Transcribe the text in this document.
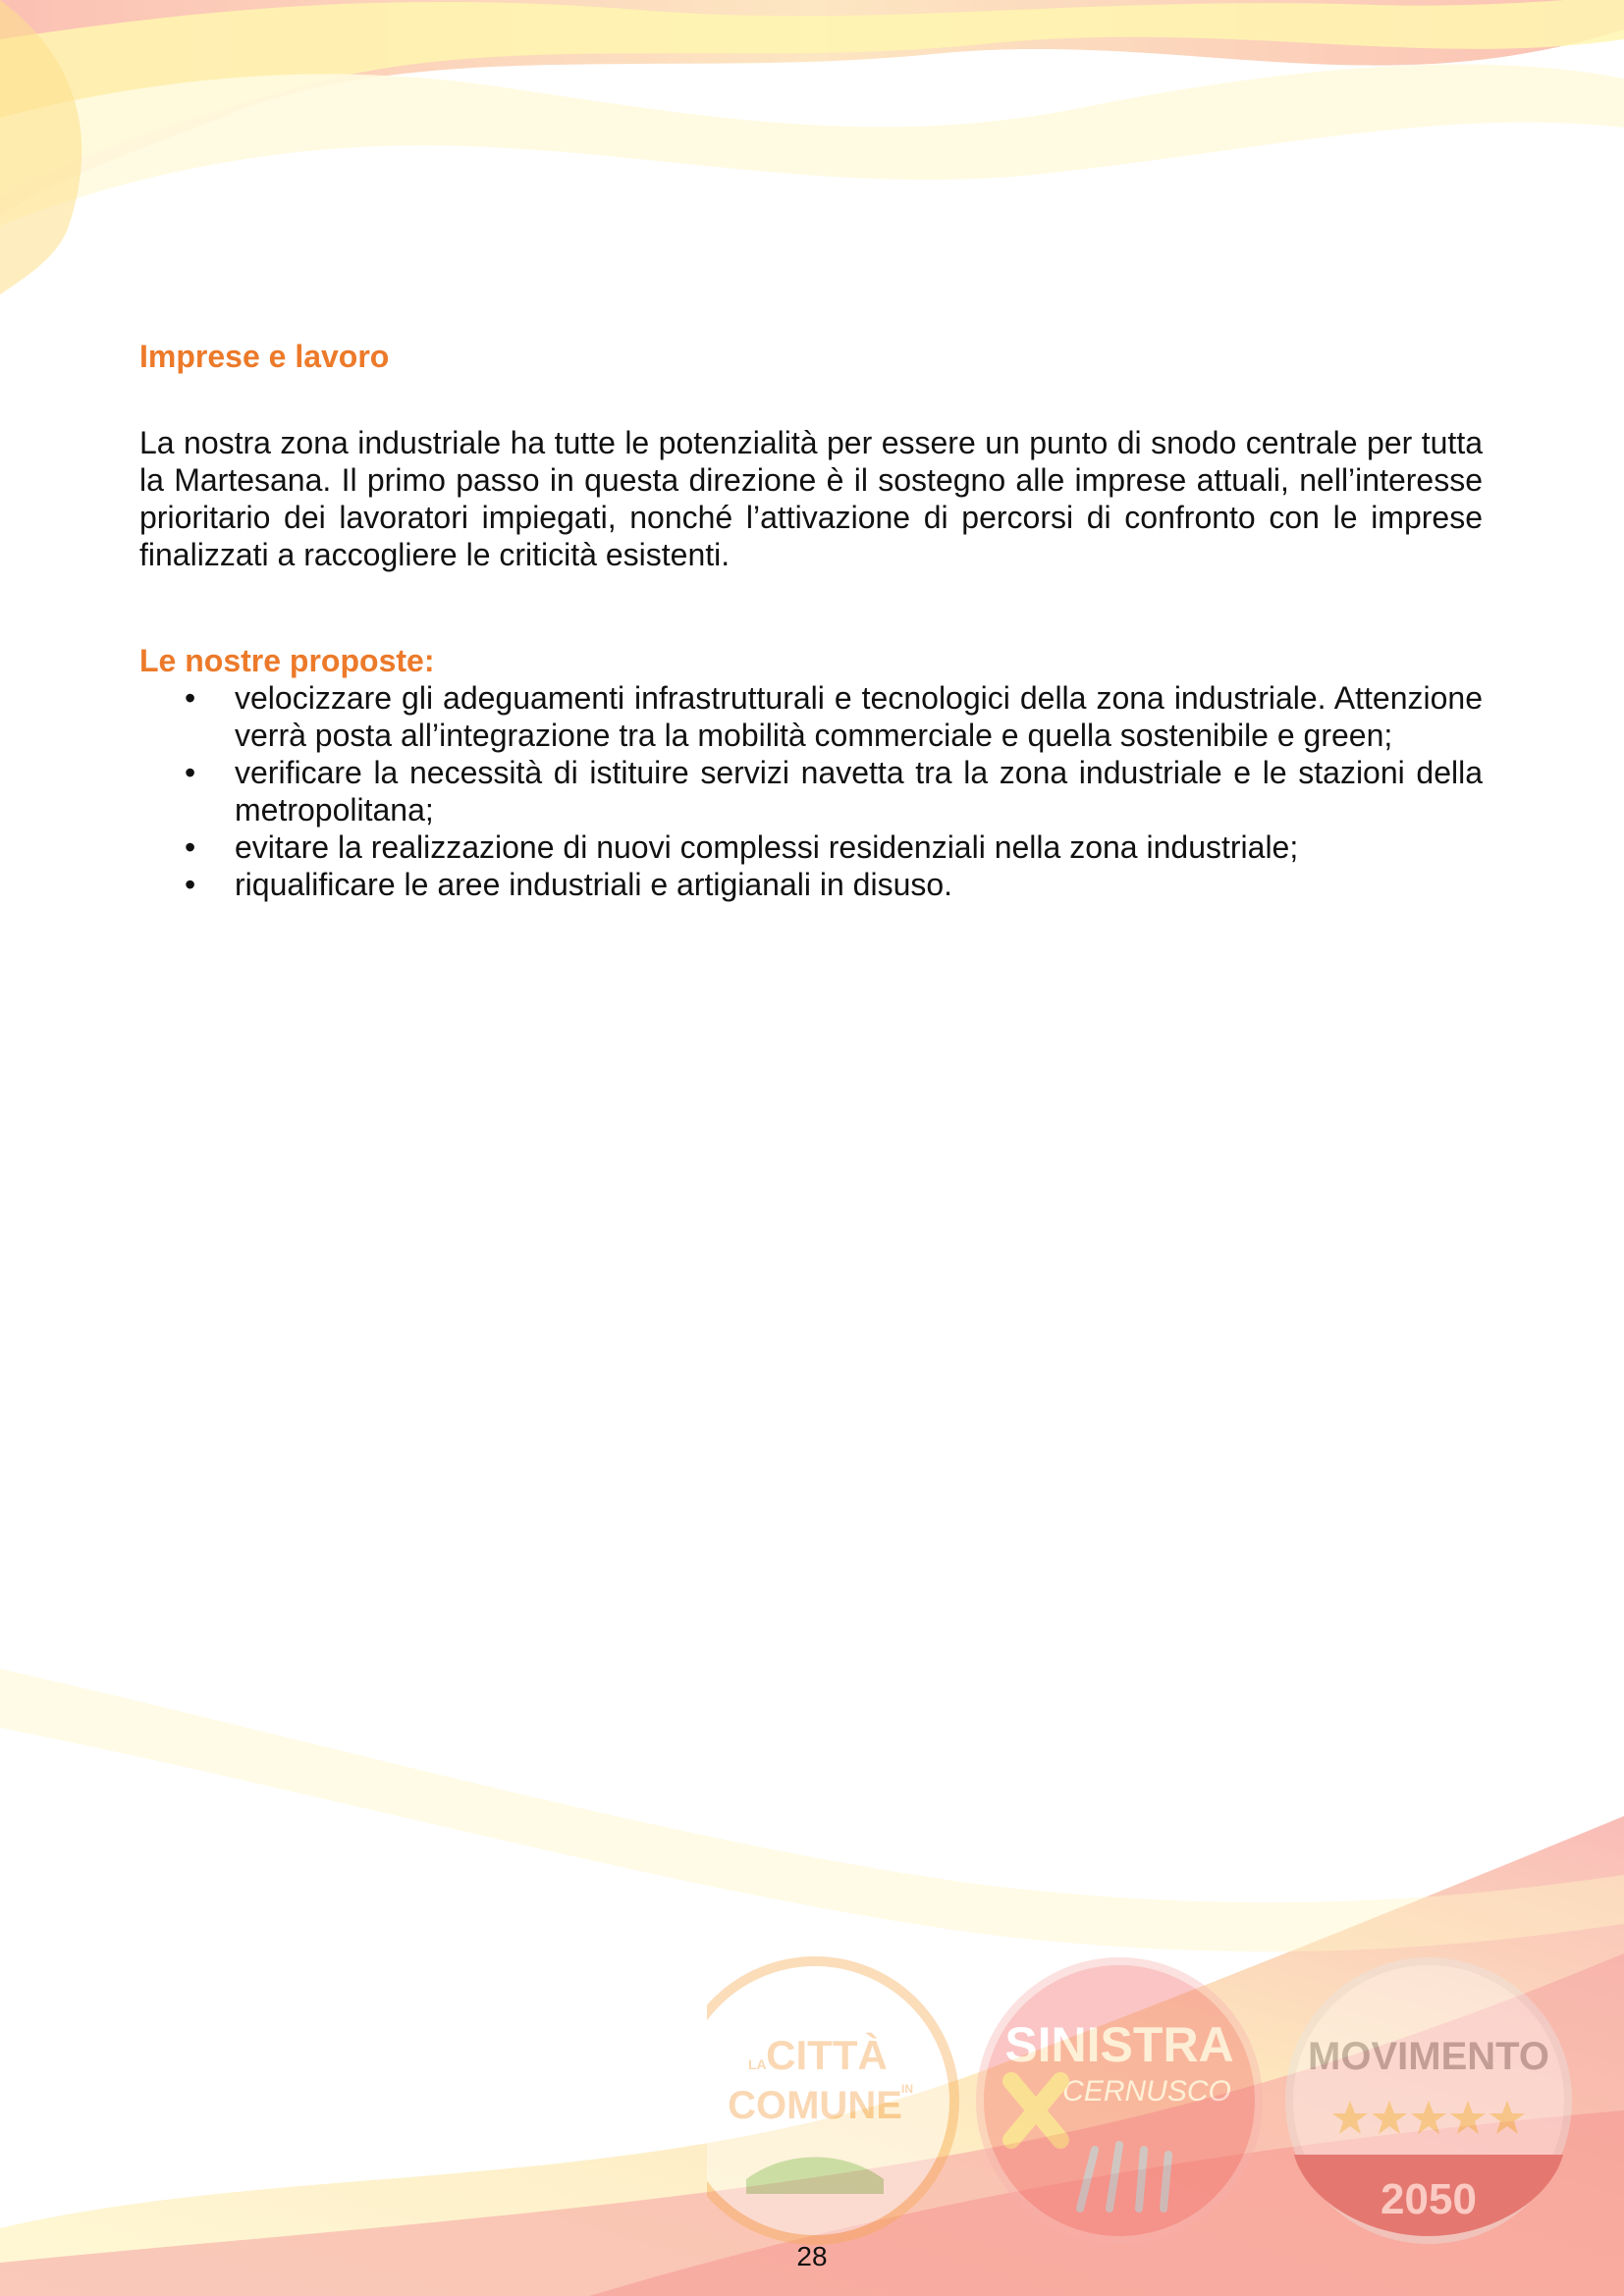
LA CITTÀ
IN
COMUNE
SINISTRA
CERNUSCO
MOVIMENTO
2050
Imprese e lavoro

La nostra zona industriale ha tutte le potenzialità per essere un punto di snodo centrale per tutta la Martesana. Il primo passo in questa direzione è il sostegno alle imprese attuali, nell’interesse prioritario dei lavoratori impiegati, nonché l’attivazione di percorsi di confronto con le imprese finalizzati a raccogliere le criticità esistenti.

Le nostre proposte:
• velocizzare gli adeguamenti infrastrutturali e tecnologici della zona industriale. Attenzione verrà posta all’integrazione tra la mobilità commerciale e quella sostenibile e green;
• verificare la necessità di istituire servizi navetta tra la zona industriale e le stazioni della metropolitana;
• evitare la realizzazione di nuovi complessi residenziali nella zona industriale;
• riqualificare le aree industriali e artigianali in disuso.
28
